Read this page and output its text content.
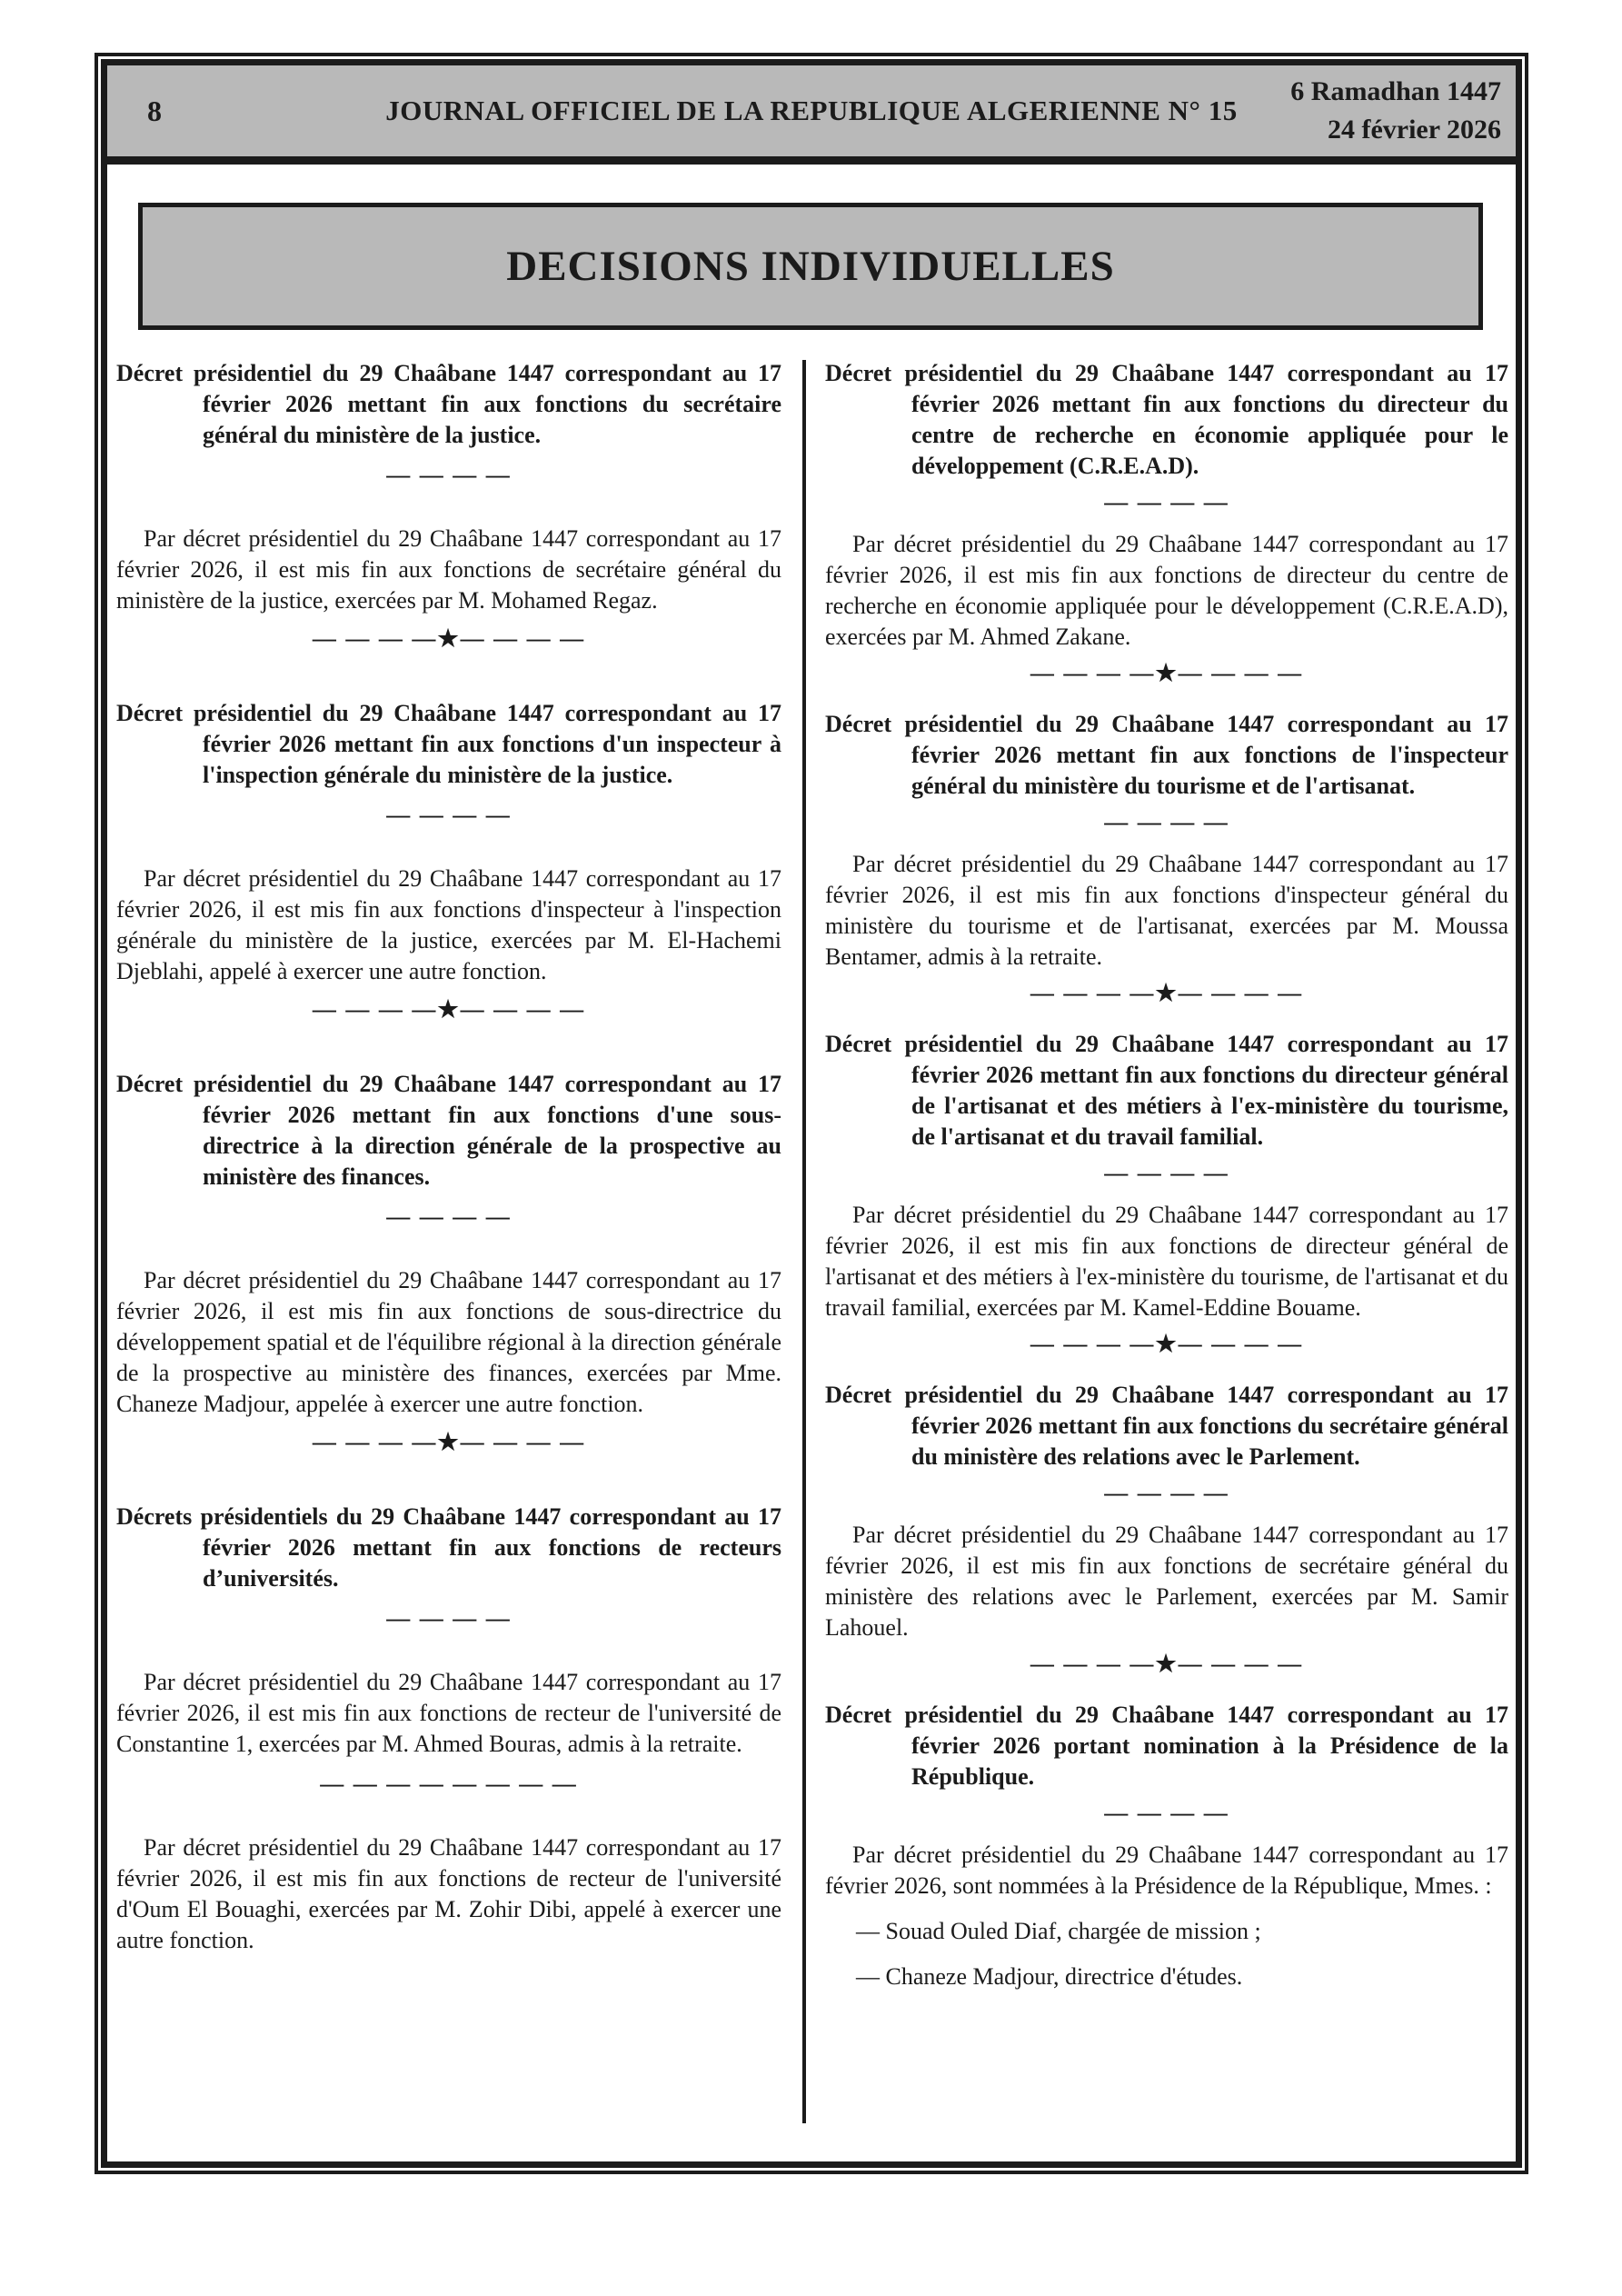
8	JOURNAL OFFICIEL DE LA REPUBLIQUE ALGERIENNE N° 15
6 Ramadhan 1447
24 février 2026
DECISIONS INDIVIDUELLES
Décret présidentiel du 29 Chaâbane 1447 correspondant au 17 février 2026 mettant fin aux fonctions du secrétaire général du ministère de la justice.
— — — —

Par décret présidentiel du 29 Chaâbane 1447 correspondant au 17 février 2026, il est mis fin aux fonctions de secrétaire général du ministère de la justice, exercées par M. Mohamed Regaz.

— — — —★— — — —
Décret présidentiel du 29 Chaâbane 1447 correspondant au 17 février 2026 mettant fin aux fonctions d'un inspecteur à l'inspection générale du ministère de la justice.
— — — —

Par décret présidentiel du 29 Chaâbane 1447 correspondant au 17 février 2026, il est mis fin aux fonctions d'inspecteur à l'inspection générale du ministère de la justice, exercées par M. El-Hachemi Djeblahi, appelé à exercer une autre fonction.

— — — —★— — — —
Décret présidentiel du 29 Chaâbane 1447 correspondant au 17 février 2026 mettant fin aux fonctions d'une sous-directrice à la direction générale de la prospective au ministère des finances.
— — — —

Par décret présidentiel du 29 Chaâbane 1447 correspondant au 17 février 2026, il est mis fin aux fonctions de sous-directrice du développement spatial et de l'équilibre régional à la direction générale de la prospective au ministère des finances, exercées par Mme. Chaneze Madjour, appelée à exercer une autre fonction.

— — — —★— — — —
Décrets présidentiels du 29 Chaâbane 1447 correspondant au 17 février 2026 mettant fin aux fonctions de recteurs d’universités.
— — — —

Par décret présidentiel du 29 Chaâbane 1447 correspondant au 17 février 2026, il est mis fin aux fonctions de recteur de l'université de Constantine 1, exercées par M. Ahmed Bouras, admis à la retraite.

— — — — — — — —

Par décret présidentiel du 29 Chaâbane 1447 correspondant au 17 février 2026, il est mis fin aux fonctions de recteur de l'université d'Oum El Bouaghi, exercées par M. Zohir Dibi, appelé à exercer une autre fonction.

Décret présidentiel du 29 Chaâbane 1447 correspondant au 17 février 2026 mettant fin aux fonctions du directeur du centre de recherche en économie appliquée pour le développement (C.R.E.A.D).
— — — —

Par décret présidentiel du 29 Chaâbane 1447 correspondant au 17 février 2026, il est mis fin aux fonctions de directeur du centre de recherche en économie appliquée pour le développement (C.R.E.A.D), exercées par M. Ahmed Zakane.

— — — —★— — — —
Décret présidentiel du 29 Chaâbane 1447 correspondant au 17 février 2026 mettant fin aux fonctions de l'inspecteur général du ministère du tourisme et de l'artisanat.
— — — —

Par décret présidentiel du 29 Chaâbane 1447 correspondant au 17 février 2026, il est mis fin aux fonctions d'inspecteur général du ministère du tourisme et de l'artisanat, exercées par M. Moussa Bentamer, admis à la retraite.

— — — —★— — — —
Décret présidentiel du 29 Chaâbane 1447 correspondant au 17 février 2026 mettant fin aux fonctions du directeur général de l'artisanat et des métiers à l'ex-ministère du tourisme, de l'artisanat et du travail familial.
— — — —

Par décret présidentiel du 29 Chaâbane 1447 correspondant au 17 février 2026, il est mis fin aux fonctions de directeur général de l'artisanat et des métiers à l'ex-ministère du tourisme, de l'artisanat et du travail familial, exercées par M. Kamel-Eddine Bouame.

— — — —★— — — —
Décret présidentiel du 29 Chaâbane 1447 correspondant au 17 février 2026 mettant fin aux fonctions du secrétaire général du ministère des relations avec le Parlement.
— — — —

Par décret présidentiel du 29 Chaâbane 1447 correspondant au 17 février 2026, il est mis fin aux fonctions de secrétaire général du ministère des relations avec le Parlement, exercées par M. Samir Lahouel.

— — — —★— — — —
Décret présidentiel du 29 Chaâbane 1447 correspondant au 17 février 2026 portant nomination à la Présidence de la République.
— — — —

Par décret présidentiel du 29 Chaâbane 1447 correspondant au 17 février 2026, sont nommées à la Présidence de la République, Mmes. :

— Souad Ouled Diaf, chargée de mission ;

— Chaneze Madjour, directrice d'études.
